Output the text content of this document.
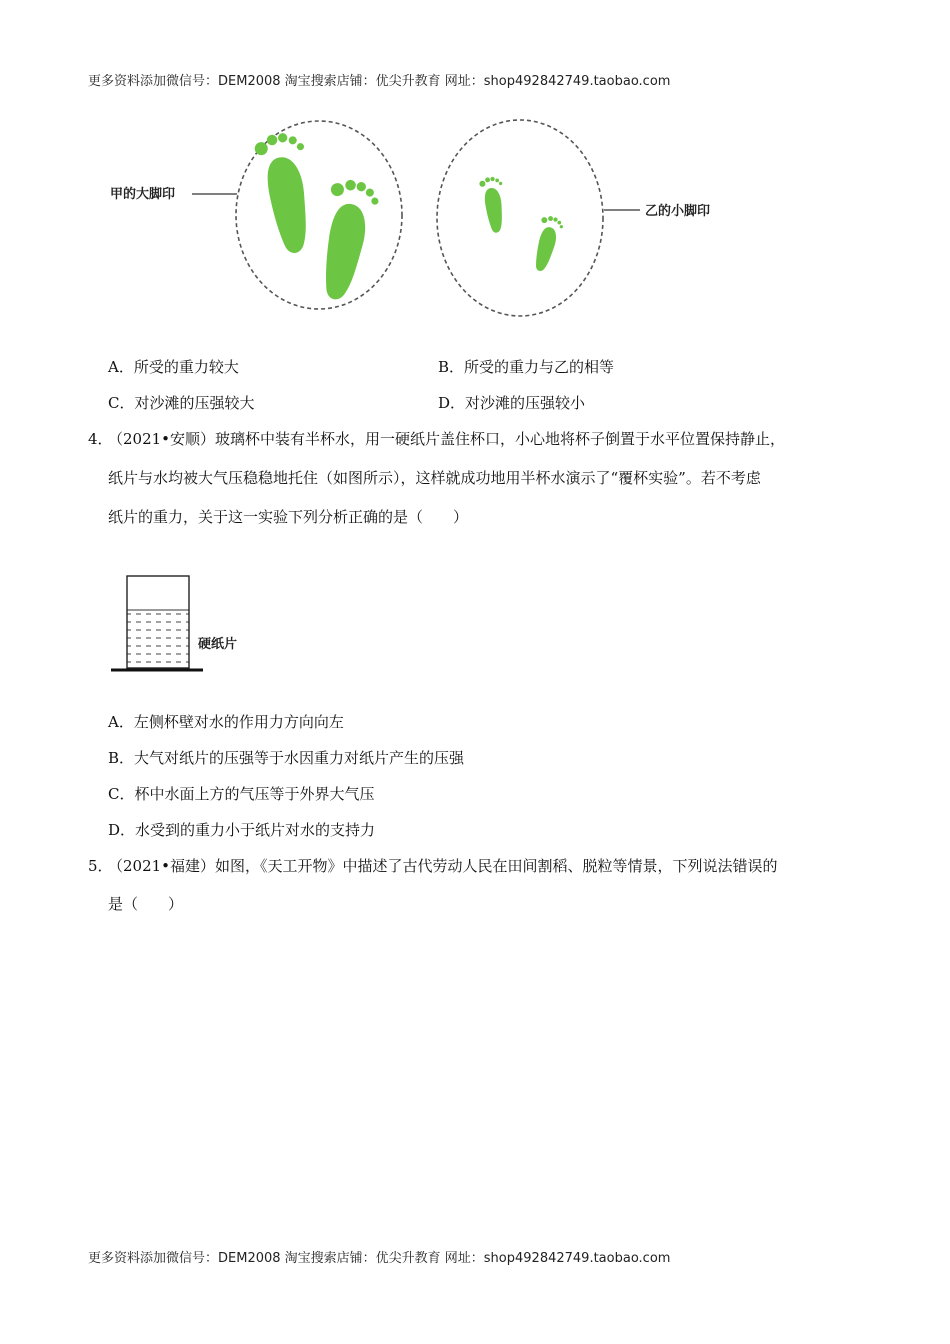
更多资料添加微信号：DEM2008 淘宝搜索店铺：优尖升教育 网址：shop492842749.taobao.com
甲的大脚印
乙的小脚印
A．所受的重力较大	B．所受的重力与乙的相等
C．对沙滩的压强较大	D．对沙滩的压强较小
4．
（2021•安顺）玻璃杯中装有半杯水，用一硬纸片盖住杯口，小心地将杯子倒置于水平位置保持静止，
纸片与水均被大气压稳稳地托住（如图所示），这样就成功地用半杯水演示了“覆杯实验”。若不考虑
纸片的重力，关于这一实验下列分析正确的是（　　）
硬纸片
A．左侧杯壁对水的作用力方向向左
B．大气对纸片的压强等于水因重力对纸片产生的压强
C．杯中水面上方的气压等于外界大气压
D．水受到的重力小于纸片对水的支持力
5．
（2021•福建）如图，《天工开物》中描述了古代劳动人民在田间割稻、脱粒等情景，下列说法错误的
是（　　）
更多资料添加微信号：DEM2008 淘宝搜索店铺：优尖升教育 网址：shop492842749.taobao.com
